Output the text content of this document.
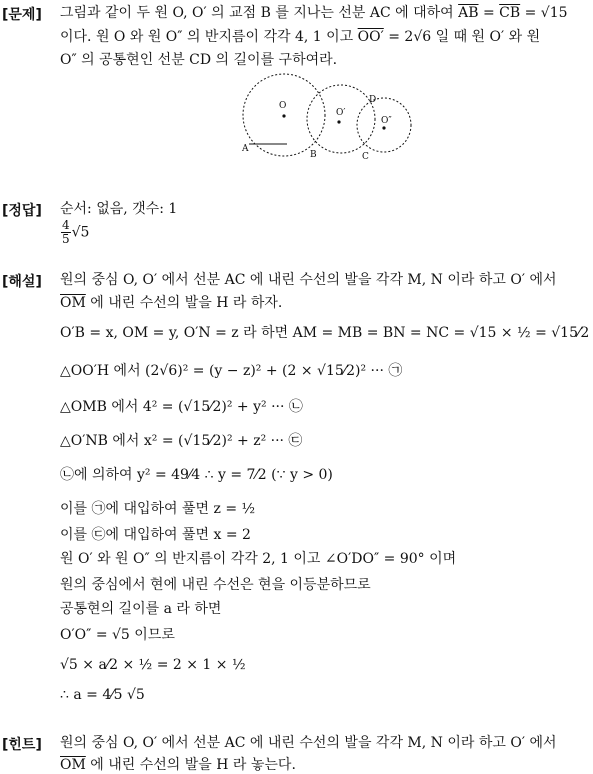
[문제] 그림과 같이 두 원 O, O′ 의 교점 B 를 지나는 선분 AC 에 대하여 $\overline{AB} = \overline{CB} = √15$
이다. 원 O 와 원 O″ 의 반지름이 각각 4, 1 이고 OO′ = 2√6 일 때 원 O′ 와 원
O″ 의 공통현인 선분 CD 의 길이를 구하여라.
O
O′
O″
A
B	C
D
[정답] 순서: 없음, 갯수: 1
$\frac{4}{5} √5$
[해설] 원의 중심 O, O′ 에서 선분 AC 에 내린 수선의 발을 각각 M, N 이라 하고 O′ 에서
$\overline{OM}$ 에 내린 수선의 발을 H 라 하자.
O′B = x, OM = y, O′N = z 라 하면 AM = MB = BN = NC = √15 × ½ = √15⁄2
△OO′H 에서 (2√6)² = (y − z)² + (2 × √15⁄2)² ··· ㉠
△OMB 에서 4² = (√15⁄2)² + y² ··· ㉡
△O′NB 에서 x² = (√15⁄2)² + z² ··· ㉢
㉡에 의하여 y² = 49⁄4 ∴ y = 7⁄2 (∵ y > 0)
이를 ㉠에 대입하여 풀면 z = ½
이를 ㉢에 대입하여 풀면 x = 2
원 O′ 와 원 O″ 의 반지름이 각각 2, 1 이고 ∠O′DO″ = 90° 이며
원의 중심에서 현에 내린 수선은 현을 이등분하므로
공통현의 길이를 a 라 하면
O′O″ = √5 이므로
√5 × a⁄2 × ½ = 2 × 1 × ½
∴ a = 4⁄5 √5
[힌트] 원의 중심 O, O′ 에서 선분 AC 에 내린 수선의 발을 각각 M, N 이라 하고 O′ 에서
$\overline{OM}$ 에 내린 수선의 발을 H 라 놓는다.
